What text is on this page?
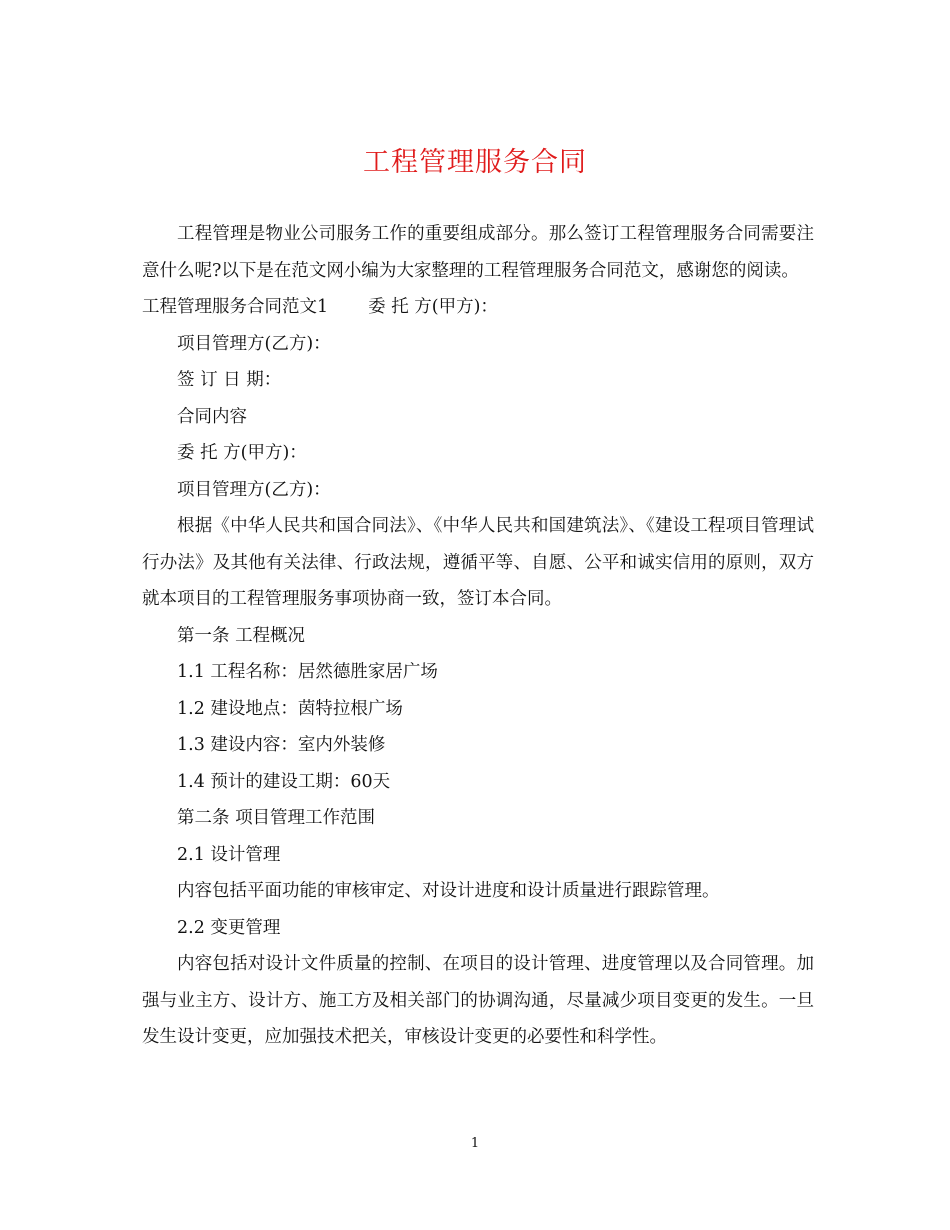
工程管理服务合同

工程管理是物业公司服务工作的重要组成部分。那么签订工程管理服务合同需要注意什么呢?以下是在范文网小编为大家整理的工程管理服务合同范文，感谢您的阅读。

工程管理服务合同范文1 委 托 方(甲方)：

项目管理方(乙方)：

签 订 日 期：

合同内容

委 托 方(甲方)：

项目管理方(乙方)：

根据《中华人民共和国合同法》、《中华人民共和国建筑法》、《建设工程项目管理试行办法》及其他有关法律、行政法规，遵循平等、自愿、公平和诚实信用的原则，双方就本项目的工程管理服务事项协商一致，签订本合同。

第一条 工程概况

1.1 工程名称：居然德胜家居广场

1.2 建设地点：茵特拉根广场

1.3 建设内容：室内外装修

1.4 预计的建设工期：60天

第二条 项目管理工作范围

2.1 设计管理

内容包括平面功能的审核审定、对设计进度和设计质量进行跟踪管理。

2.2 变更管理

内容包括对设计文件质量的控制、在项目的设计管理、进度管理以及合同管理。加强与业主方、设计方、施工方及相关部门的协调沟通，尽量减少项目变更的发生。一旦发生设计变更，应加强技术把关，审核设计变更的必要性和科学性。

1
